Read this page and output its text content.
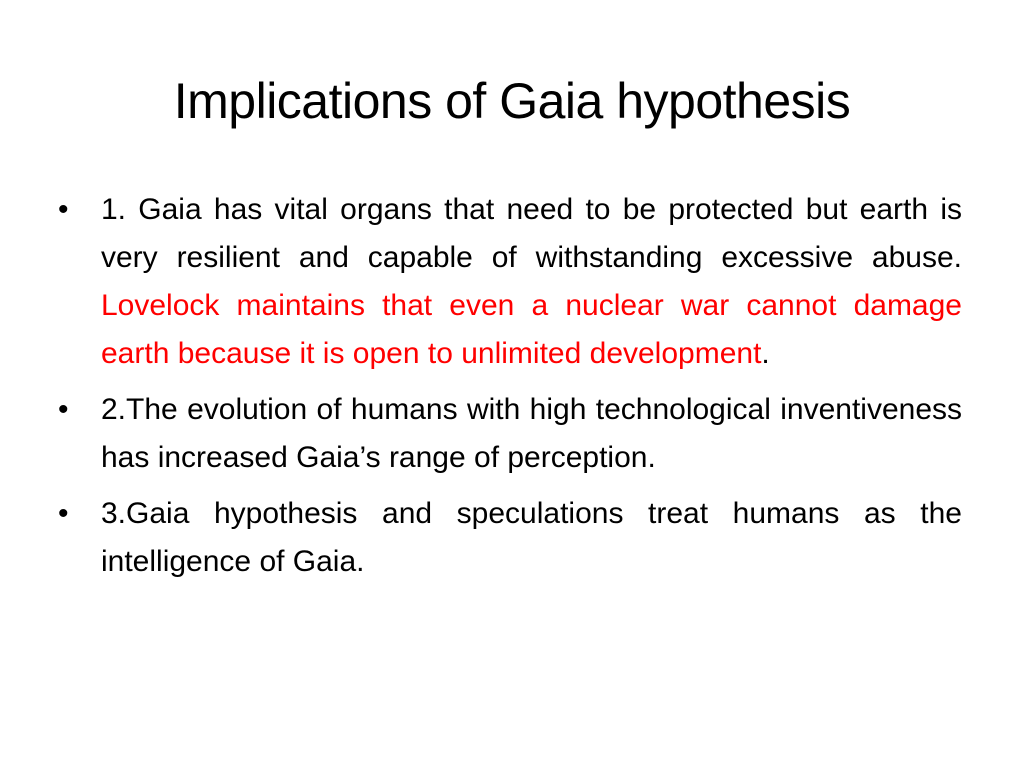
Implications of Gaia hypothesis
• 1. Gaia has vital organs that need to be protected but earth is very resilient and capable of withstanding excessive abuse. Lovelock maintains that even a nuclear war cannot damage earth because it is open to unlimited development.
• 2.The evolution of humans with high technological inventiveness has increased Gaia’s range of perception.
• 3.Gaia hypothesis and speculations treat humans as the intelligence of Gaia.
